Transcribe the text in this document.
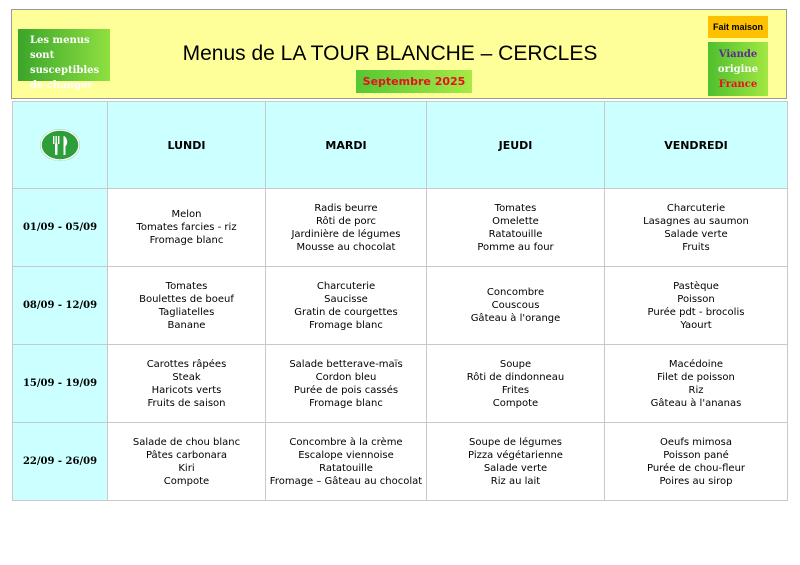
Les menus sont
susceptibles
de changer
Menus de LA TOUR BLANCHE – CERCLES
Septembre 2025
Fait maison
Viande
origine
France
	LUNDI	MARDI	JEUDI	VENDREDI
01/09 - 05/09	Melon
Tomates farcies - riz
Fromage blanc	Radis beurre
Rôti de porc
Jardinière de légumes
Mousse au chocolat	Tomates
Omelette
Ratatouille
Pomme au four	Charcuterie
Lasagnes au saumon
Salade verte
Fruits

08/09 - 12/09	Tomates
Boulettes de boeuf
Tagliatelles
Banane	Charcuterie
Saucisse
Gratin de courgettes
Fromage blanc	Concombre
Couscous
Gâteau à l'orange	Pastèque
Poisson
Purée pdt - brocolis
Yaourt

15/09 - 19/09	Carottes râpées
Steak
Haricots verts
Fruits de saison	Salade betterave-maïs
Cordon bleu
Purée de pois cassés
Fromage blanc	Soupe
Rôti de dindonneau
Frites
Compote	Macédoine
Filet de poisson
Riz
Gâteau à l'ananas

22/09 - 26/09	Salade de chou blanc
Pâtes carbonara
Kiri
Compote	Concombre à la crème
Escalope viennoise
Ratatouille
Fromage – Gâteau au chocolat	Soupe de légumes
Pizza végétarienne
Salade verte
Riz au lait	Oeufs mimosa
Poisson pané
Purée de chou-fleur
Poires au sirop
